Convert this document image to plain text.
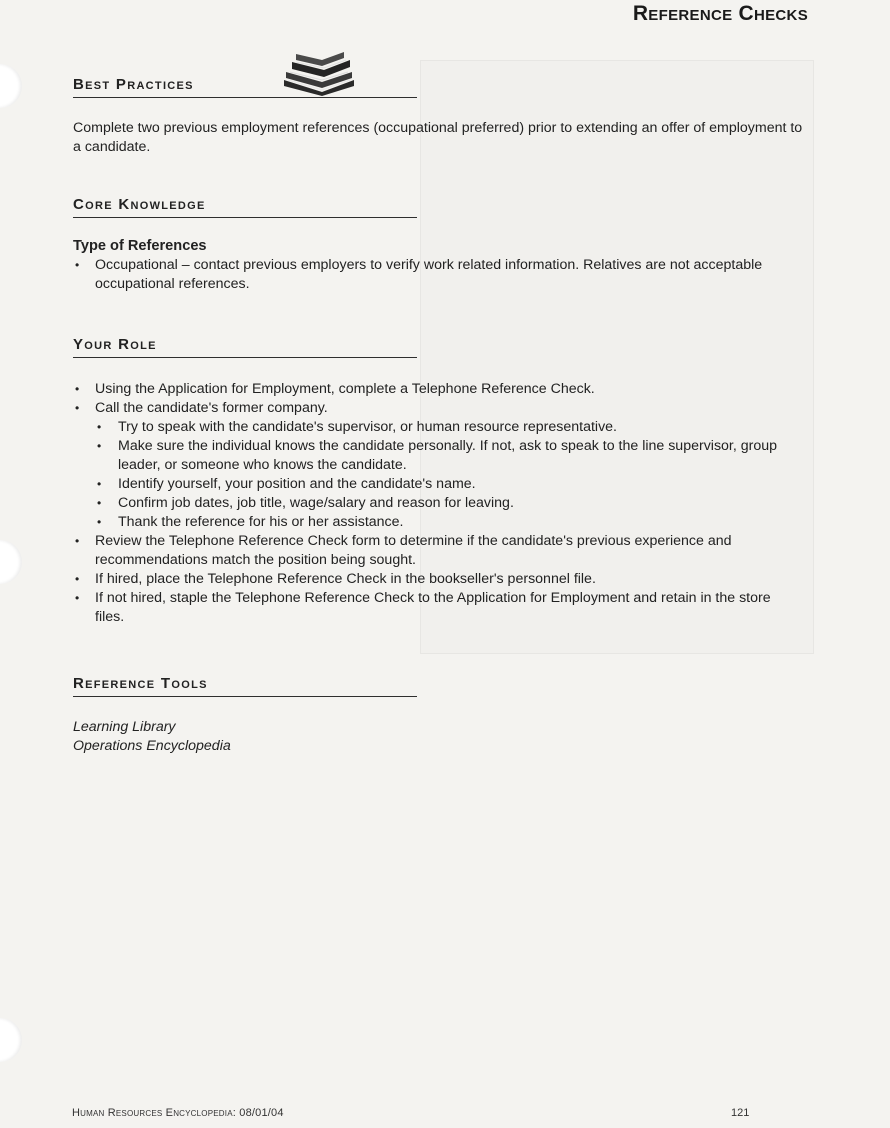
Reference Checks
Best Practices
Complete two previous employment references (occupational preferred) prior to extending an offer of employment to a candidate.
Core Knowledge
Type of References
• Occupational – contact previous employers to verify work related information. Relatives are not acceptable occupational references.
Your Role
• Using the Application for Employment, complete a Telephone Reference Check.
• Call the candidate's former company.
• Try to speak with the candidate's supervisor, or human resource representative.
• Make sure the individual knows the candidate personally. If not, ask to speak to the line supervisor, group leader, or someone who knows the candidate.
• Identify yourself, your position and the candidate's name.
• Confirm job dates, job title, wage/salary and reason for leaving.
• Thank the reference for his or her assistance.
• Review the Telephone Reference Check form to determine if the candidate's previous experience and recommendations match the position being sought.
• If hired, place the Telephone Reference Check in the bookseller's personnel file.
• If not hired, staple the Telephone Reference Check to the Application for Employment and retain in the store files.
Reference Tools
Learning Library
Operations Encyclopedia
Human Resources Encyclopedia: 08/01/04	121
